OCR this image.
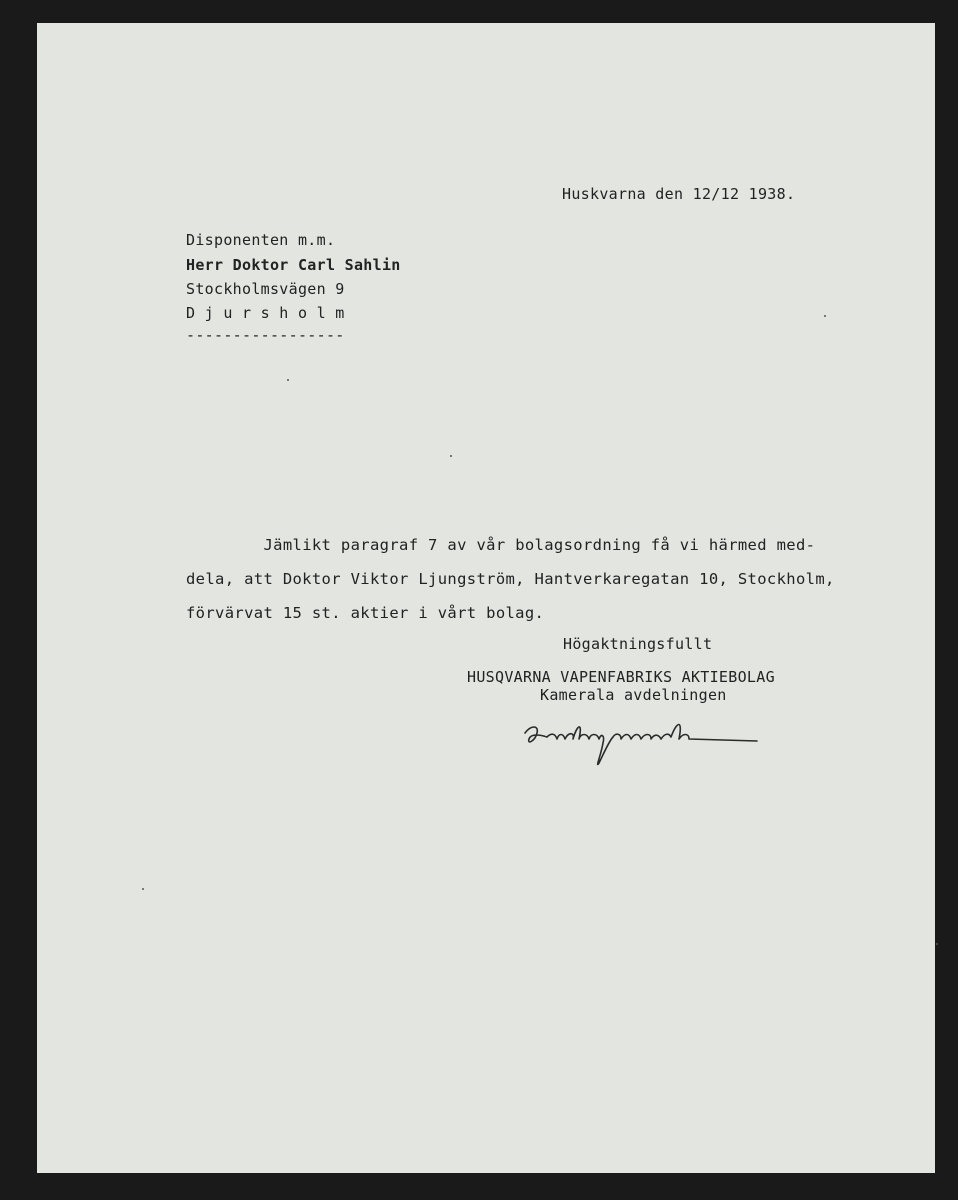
Huskvarna den 12/12 1938.
Disponenten m.m.
Herr Doktor Carl Sahlin
Stockholmsvägen 9
D j u r s h o l m
-----------------

Jämlikt paragraf 7 av vår bolagsordning få vi härmed med-
dela, att Doktor Viktor Ljungström, Hantverkaregatan 10, Stockholm,
förvärvat 15 st. aktier i vårt bolag.

Högaktningsfullt
HUSQVARNA VAPENFABRIKS AKTIEBOLAG
Kamerala avdelningen
